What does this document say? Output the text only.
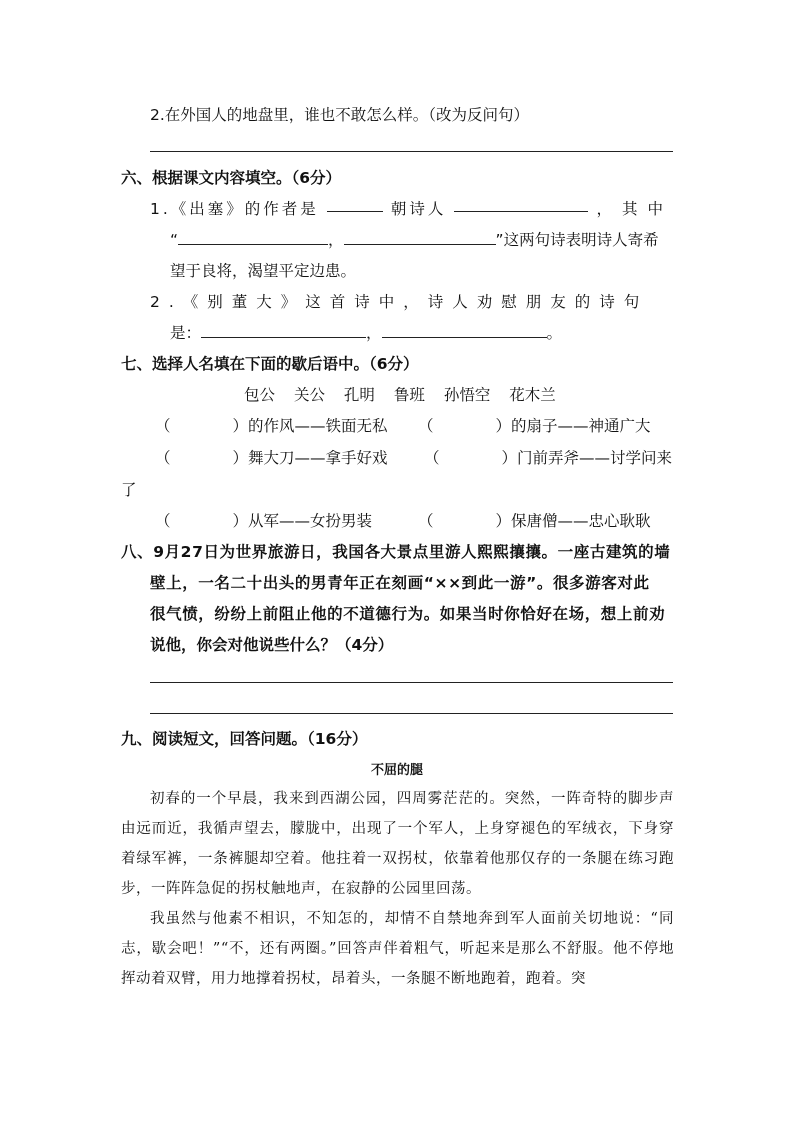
2.在外国人的地盘里，谁也不敢怎么样。（改为反问句）
六、根据课文内容填空。（6分）
1.《出塞》的作者是	朝诗人	，其中
“	，	”这两句诗表明诗人寄希
望于良将，渴望平定边患。
2.《别董大》这首诗中，诗人劝慰朋友的诗句
是：	，	。
七、选择人名填在下面的歇后语中。（6分）
包公 关公 孔明 鲁班 孙悟空 花木兰
（　　　　）的作风——铁面无私 （　　　　）的扇子——神通广大
（　　　　）舞大刀——拿手好戏 （　　　　）门前弄斧——讨学问来
了
（　　　　）从军——女扮男装	（　　　　）保唐僧——忠心耿耿
八、9月27日为世界旅游日，我国各大景点里游人熙熙攘攘。一座古建筑的墙
壁上，一名二十出头的男青年正在刻画“××到此一游”。很多游客对此
很气愤，纷纷上前阻止他的不道德行为。如果当时你恰好在场，想上前劝
说他，你会对他说些什么？（4分）
九、阅读短文，回答问题。（16分）
不屈的腿

初春的一个早晨，我来到西湖公园，四周雾茫茫的。突然，一阵奇特的脚步声由远而近，我循声望去，朦胧中，出现了一个军人，上身穿褪色的军绒衣，下身穿着绿军裤，一条裤腿却空着。他拄着一双拐杖，依靠着他那仅存的一条腿在练习跑步，一阵阵急促的拐杖触地声，在寂静的公园里回荡。

我虽然与他素不相识，不知怎的，却情不自禁地奔到军人面前关切地说：“同志，歇会吧！”“不，还有两圈。”回答声伴着粗气，听起来是那么不舒服。他不停地挥动着双臂，用力地撑着拐杖，昂着头，一条腿不断地跑着，跑着。突
